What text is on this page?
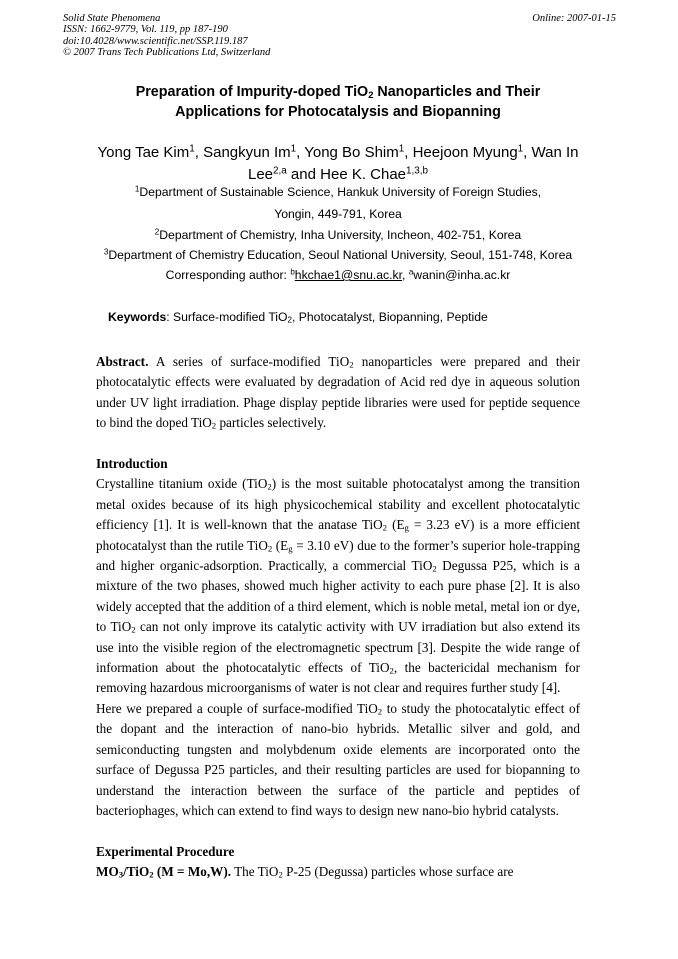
Solid State Phenomena
ISSN: 1662-9779, Vol. 119, pp 187-190
doi:10.4028/www.scientific.net/SSP.119.187
© 2007 Trans Tech Publications Ltd, Switzerland
Online: 2007-01-15
Preparation of Impurity-doped TiO$_2$ Nanoparticles and Their Applications for Photocatalysis and Biopanning
Yong Tae Kim$^1$, Sangkyun Im$^1$, Yong Bo Shim$^1$, Heejoon Myung$^1$, Wan In Lee$^{2,a}$ and Hee K. Chae$^{1,3,b}$
$^1$Department of Sustainable Science, Hankuk University of Foreign Studies,
Yongin, 449-791, Korea
$^2$Department of Chemistry, Inha University, Incheon, 402-751, Korea
$^3$Department of Chemistry Education, Seoul National University, Seoul, 151-748, Korea
Corresponding author: $^b$hkchae1@snu.ac.kr, $^a$wanin@inha.ac.kr
Keywords: Surface-modified TiO$_2$, Photocatalyst, Biopanning, Peptide

Abstract. A series of surface-modified TiO$_2$ nanoparticles were prepared and their photocatalytic effects were evaluated by degradation of Acid red dye in aqueous solution under UV light irradiation. Phage display peptide libraries were used for peptide sequence to bind the doped TiO$_2$ particles selectively.

Introduction

Crystalline titanium oxide (TiO$_2$) is the most suitable photocatalyst among the transition metal oxides because of its high physicochemical stability and excellent photocatalytic efficiency [1]. It is well-known that the anatase TiO$_2$ ($E_g = 3.23$ eV) is a more efficient photocatalyst than the rutile TiO$_2$ ($E_g = 3.10$ eV) due to the former’s superior hole-trapping and higher organic-adsorption. Practically, a commercial TiO$_2$ Degussa P25, which is a mixture of the two phases, showed much higher activity to each pure phase [2]. It is also widely accepted that the addition of a third element, which is noble metal, metal ion or dye, to TiO$_2$ can not only improve its catalytic activity with UV irradiation but also extend its use into the visible region of the electromagnetic spectrum [3]. Despite the wide range of information about the photocatalytic effects of TiO$_2$, the bactericidal mechanism for removing hazardous microorganisms of water is not clear and requires further study [4].

Here we prepared a couple of surface-modified TiO$_2$ to study the photocatalytic effect of the dopant and the interaction of nano-bio hybrids. Metallic silver and gold, and semiconducting tungsten and molybdenum oxide elements are incorporated onto the surface of Degussa P25 particles, and their resulting particles are used for biopanning to understand the interaction between the surface of the particle and peptides of bacteriophages, which can extend to find ways to design new nano-bio hybrid catalysts.

Experimental Procedure

$MO_3/TiO_2$ (M = Mo,W). The TiO$_2$ P-25 (Degussa) particles whose surface are
